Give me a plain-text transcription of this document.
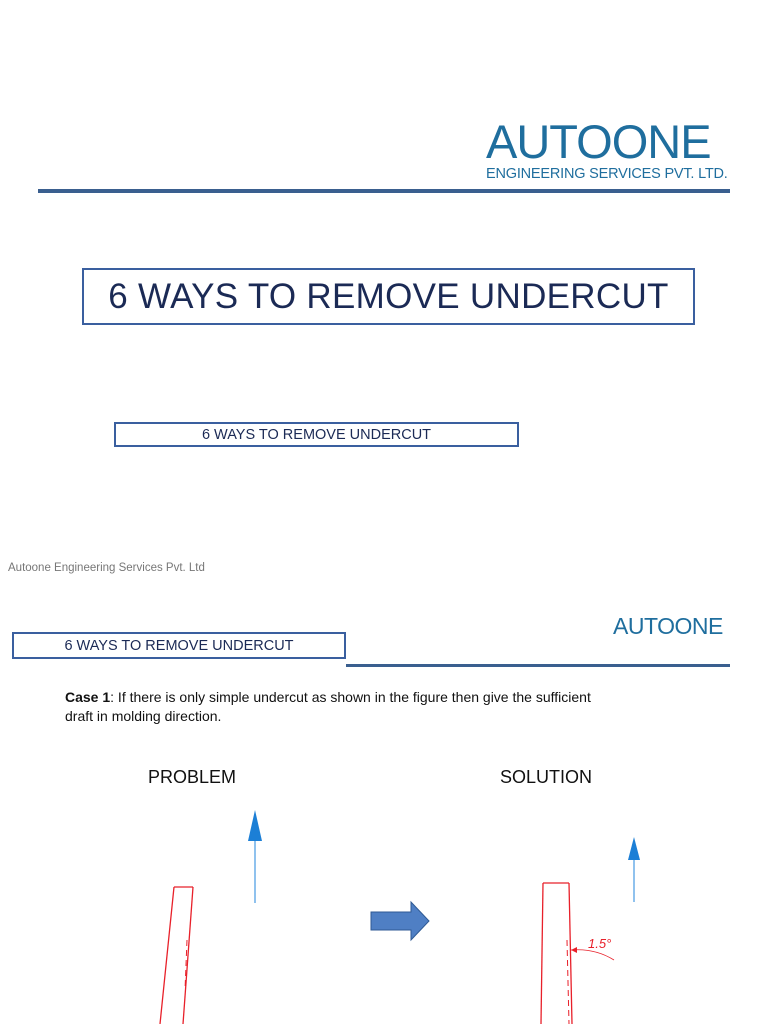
AUTOONE
ENGINEERING SERVICES PVT. LTD.
6 WAYS TO REMOVE UNDERCUT
6 WAYS TO REMOVE UNDERCUT
Autoone Engineering Services Pvt. Ltd
AUTOONE
6 WAYS TO REMOVE UNDERCUT
Case 1: If there is only simple undercut as shown in the figure then give the sufficient draft in molding direction.
PROBLEM	SOLUTION
1.5°
